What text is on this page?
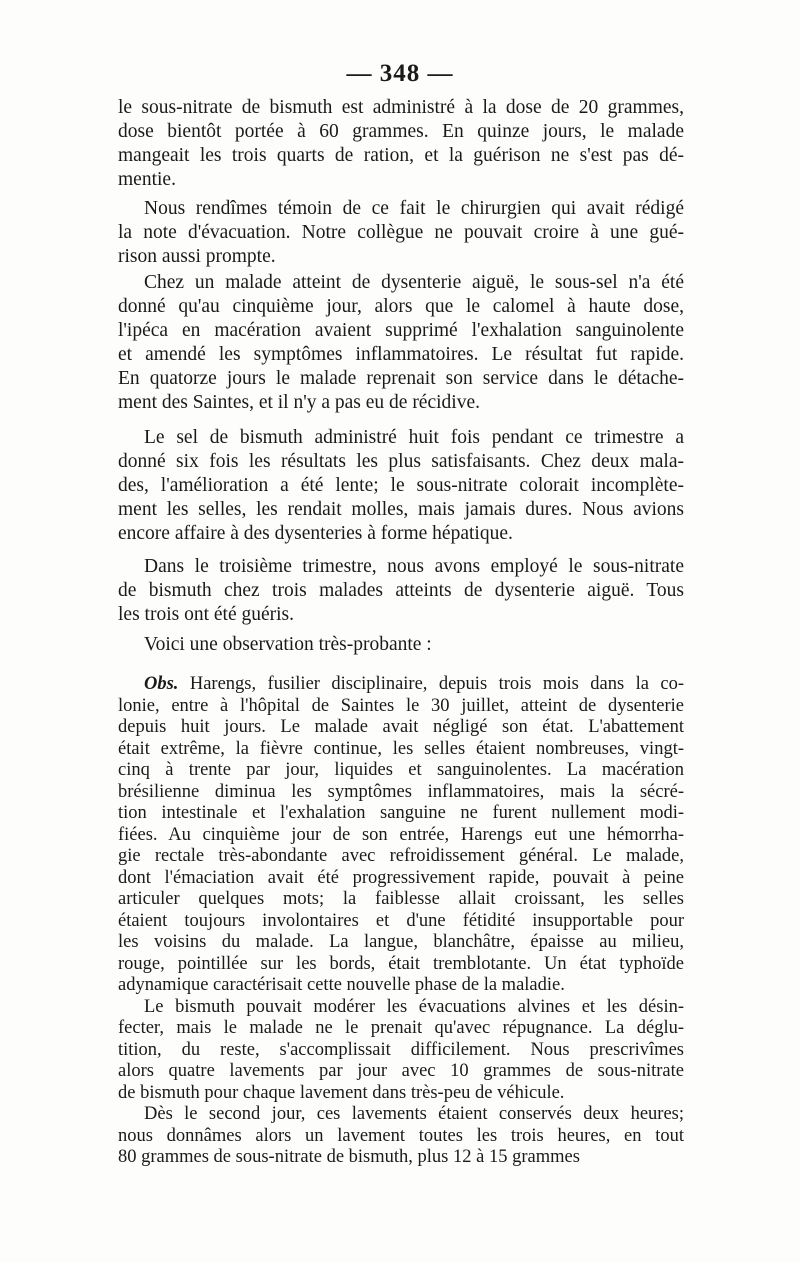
— 348 —
le sous-nitrate de bismuth est administré à la dose de 20 grammes,
dose bientôt portée à 60 grammes. En quinze jours, le malade
mangeait les trois quarts de ration, et la guérison ne s'est pas dé-
mentie.
Nous rendîmes témoin de ce fait le chirurgien qui avait rédigé
la note d'évacuation. Notre collègue ne pouvait croire à une gué-
rison aussi prompte.
Chez un malade atteint de dysenterie aiguë, le sous-sel n'a été
donné qu'au cinquième jour, alors que le calomel à haute dose,
l'ipéca en macération avaient supprimé l'exhalation sanguinolente
et amendé les symptômes inflammatoires. Le résultat fut rapide.
En quatorze jours le malade reprenait son service dans le détache-
ment des Saintes, et il n'y a pas eu de récidive.
Le sel de bismuth administré huit fois pendant ce trimestre a
donné six fois les résultats les plus satisfaisants. Chez deux mala-
des, l'amélioration a été lente; le sous-nitrate colorait incomplète-
ment les selles, les rendait molles, mais jamais dures. Nous avions
encore affaire à des dysenteries à forme hépatique.
Dans le troisième trimestre, nous avons employé le sous-nitrate
de bismuth chez trois malades atteints de dysenterie aiguë. Tous
les trois ont été guéris.
Voici une observation très-probante :
Obs. Harengs, fusilier disciplinaire, depuis trois mois dans la co-
lonie, entre à l'hôpital de Saintes le 30 juillet, atteint de dysenterie
depuis huit jours. Le malade avait négligé son état. L'abattement
était extrême, la fièvre continue, les selles étaient nombreuses, vingt-
cinq à trente par jour, liquides et sanguinolentes. La macération
brésilienne diminua les symptômes inflammatoires, mais la sécré-
tion intestinale et l'exhalation sanguine ne furent nullement modi-
fiées. Au cinquième jour de son entrée, Harengs eut une hémorrha-
gie rectale très-abondante avec refroidissement général. Le malade,
dont l'émaciation avait été progressivement rapide, pouvait à peine
articuler quelques mots; la faiblesse allait croissant, les selles
étaient toujours involontaires et d'une fétidité insupportable pour
les voisins du malade. La langue, blanchâtre, épaisse au milieu,
rouge, pointillée sur les bords, était tremblotante. Un état typhoïde
adynamique caractérisait cette nouvelle phase de la maladie.
Le bismuth pouvait modérer les évacuations alvines et les désin-
fecter, mais le malade ne le prenait qu'avec répugnance. La déglu-
tition, du reste, s'accomplissait difficilement. Nous prescrivîmes
alors quatre lavements par jour avec 10 grammes de sous-nitrate
de bismuth pour chaque lavement dans très-peu de véhicule.
Dès le second jour, ces lavements étaient conservés deux heures;
nous donnâmes alors un lavement toutes les trois heures, en tout
80 grammes de sous-nitrate de bismuth, plus 12 à 15 grammes
